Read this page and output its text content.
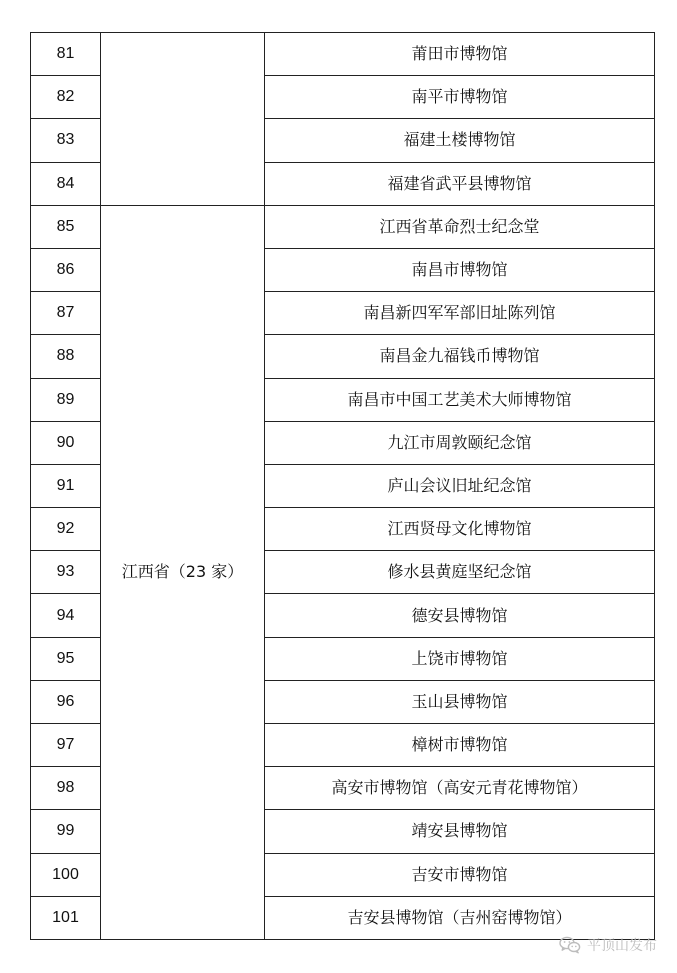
81		莆田市博物馆
82		南平市博物馆
83		福建土楼博物馆
84		福建省武平县博物馆
85	江西省（23 家）	江西省革命烈士纪念堂
86		南昌市博物馆
87		南昌新四军军部旧址陈列馆
88		南昌金九福钱币博物馆
89		南昌市中国工艺美术大师博物馆
90		九江市周敦颐纪念馆
91		庐山会议旧址纪念馆
92		江西贤母文化博物馆
93		修水县黄庭坚纪念馆
94		德安县博物馆
95		上饶市博物馆
96		玉山县博物馆
97		樟树市博物馆
98		高安市博物馆（高安元青花博物馆）
99		靖安县博物馆
100		吉安市博物馆
101		吉安县博物馆（吉州窑博物馆）
平顶山发布
